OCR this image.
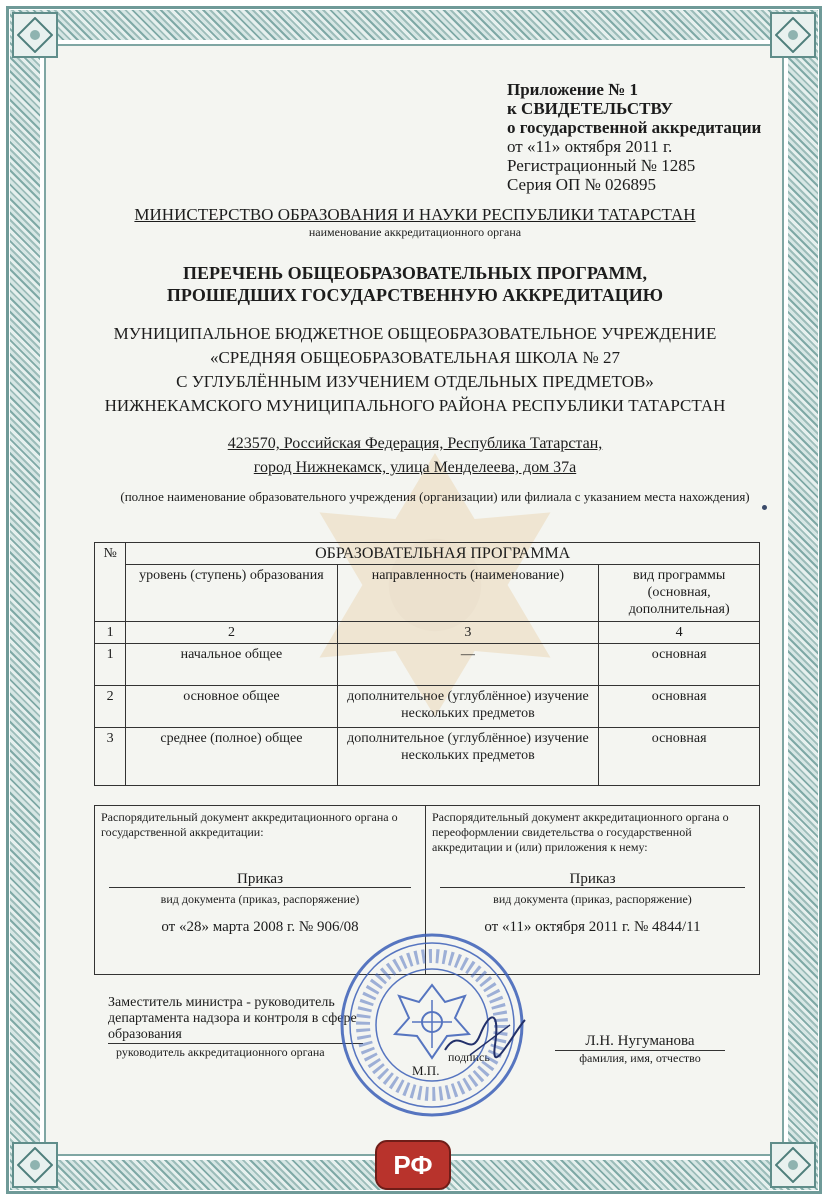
Приложение № 1
к СВИДЕТЕЛЬСТВУ
о государственной аккредитации
от «11» октября 2011 г.
Регистрационный № 1285
Серия ОП № 026895
МИНИСТЕРСТВО ОБРАЗОВАНИЯ И НАУКИ РЕСПУБЛИКИ ТАТАРСТАН
наименование аккредитационного органа
ПЕРЕЧЕНЬ ОБЩЕОБРАЗОВАТЕЛЬНЫХ ПРОГРАММ,
ПРОШЕДШИХ ГОСУДАРСТВЕННУЮ АККРЕДИТАЦИЮ
МУНИЦИПАЛЬНОЕ БЮДЖЕТНОЕ ОБЩЕОБРАЗОВАТЕЛЬНОЕ УЧРЕЖДЕНИЕ
«СРЕДНЯЯ ОБЩЕОБРАЗОВАТЕЛЬНАЯ ШКОЛА № 27
С УГЛУБЛЁННЫМ ИЗУЧЕНИЕМ ОТДЕЛЬНЫХ ПРЕДМЕТОВ»
НИЖНЕКАМСКОГО МУНИЦИПАЛЬНОГО РАЙОНА РЕСПУБЛИКИ ТАТАРСТАН
423570, Российская Федерация, Республика Татарстан,
город Нижнекамск, улица Менделеева, дом 37а
(полное наименование образовательного учреждения (организации) или филиала с указанием места нахождения)
№	ОБРАЗОВАТЕЛЬНАЯ ПРОГРАММА		
	уровень (ступень) образования	направленность (наименование)	вид программы (основная, дополнительная)
1	2	3	4
1	начальное общее	—	основная
2	основное общее	дополнительное (углублённое) изучение нескольких предметов	основная
3	среднее (полное) общее	дополнительное (углублённое) изучение нескольких предметов	основная
Распорядительный документ аккредитационного органа о государственной аккредитации:
Приказ
вид документа (приказ, распоряжение)
от «28» марта 2008 г. № 906/08
Распорядительный документ аккредитационного органа о переоформлении свидетельства о государственной аккредитации и (или) приложения к нему:
Приказ
вид документа (приказ, распоряжение)
от «11» октября 2011 г. № 4844/11
Заместитель министра - руководитель
департамента надзора и контроля в сфере
образования
руководитель аккредитационного органа	подпись
М.П.
Л.Н. Нугуманова
фамилия, имя, отчество
РФ
